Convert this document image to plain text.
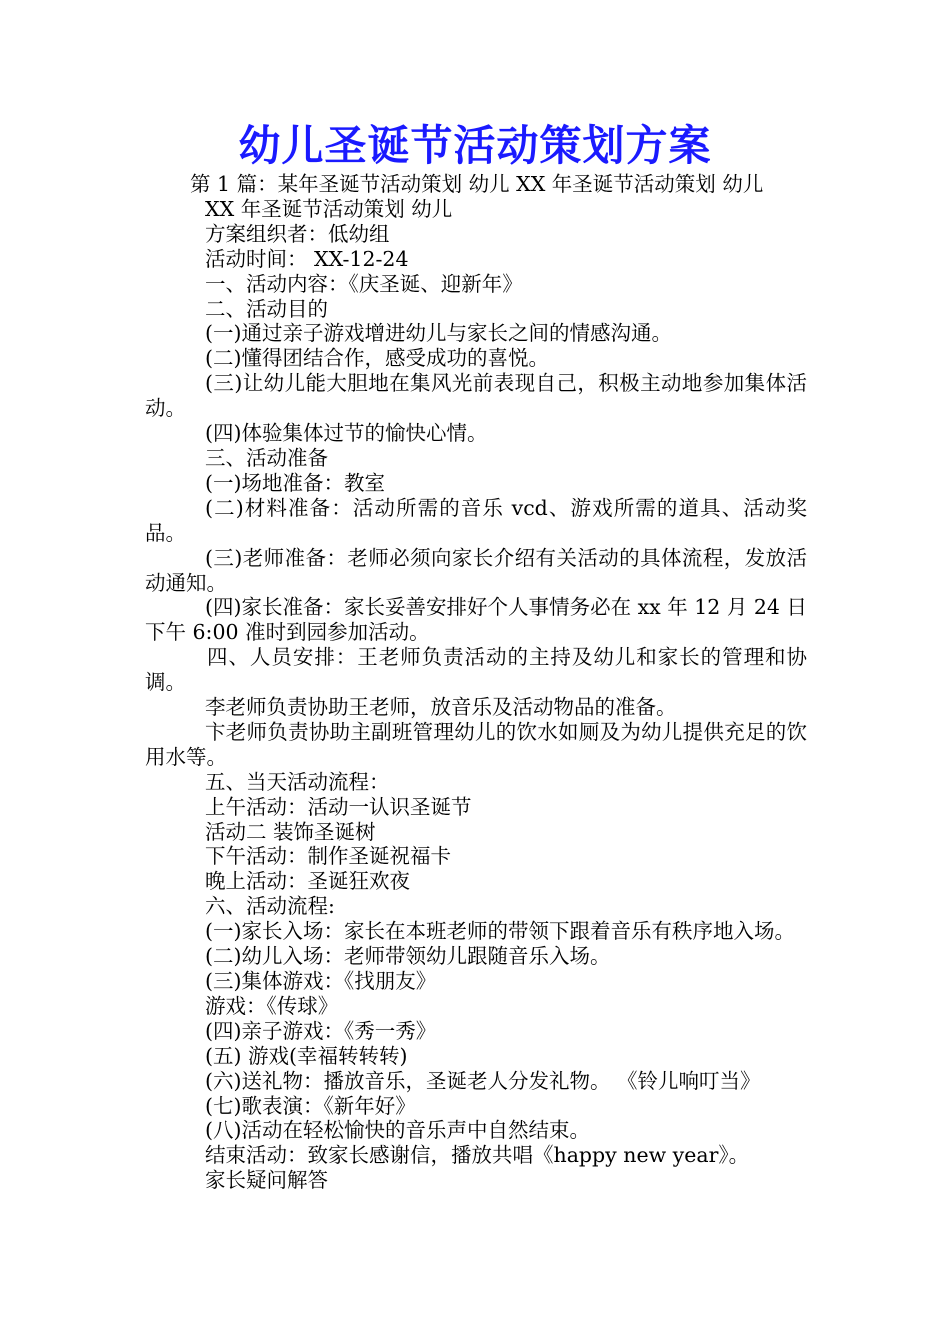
幼儿圣诞节活动策划方案

第 1 篇：某年圣诞节活动策划 幼儿 XX 年圣诞节活动策划 幼儿

XX 年圣诞节活动策划 幼儿

方案组织者：低幼组

活动时间： XX-12-24

一、活动内容：《庆圣诞、迎新年》

二、活动目的

(一)通过亲子游戏增进幼儿与家长之间的情感沟通。

(二)懂得团结合作，感受成功的喜悦。

(三)让幼儿能大胆地在集风光前表现自己，积极主动地参加集体活动。

(四)体验集体过节的愉快心情。

三、活动准备

(一)场地准备：教室

(二)材料准备：活动所需的音乐 vcd、游戏所需的道具、活动奖品。

(三)老师准备：老师必须向家长介绍有关活动的具体流程，发放活动通知。

(四)家长准备：家长妥善安排好个人事情务必在 xx 年 12 月 24 日下午 6:00 准时到园参加活动。

四、人员安排：王老师负责活动的主持及幼儿和家长的管理和协调。

李老师负责协助王老师，放音乐及活动物品的准备。

卞老师负责协助主副班管理幼儿的饮水如厕及为幼儿提供充足的饮用水等。

五、当天活动流程：

上午活动：活动一认识圣诞节

活动二 装饰圣诞树

下午活动：制作圣诞祝福卡

晚上活动：圣诞狂欢夜

六、活动流程:

(一)家长入场：家长在本班老师的带领下跟着音乐有秩序地入场。

(二)幼儿入场：老师带领幼儿跟随音乐入场。

(三)集体游戏：《找朋友》

游戏：《传球》

(四)亲子游戏：《秀一秀》

(五) 游戏(幸福转转转)

(六)送礼物：播放音乐，圣诞老人分发礼物。 《铃儿响叮当》

(七)歌表演：《新年好》

(八)活动在轻松愉快的音乐声中自然结束。

结束活动：致家长感谢信，播放共唱《happy new year》。

家长疑问解答
